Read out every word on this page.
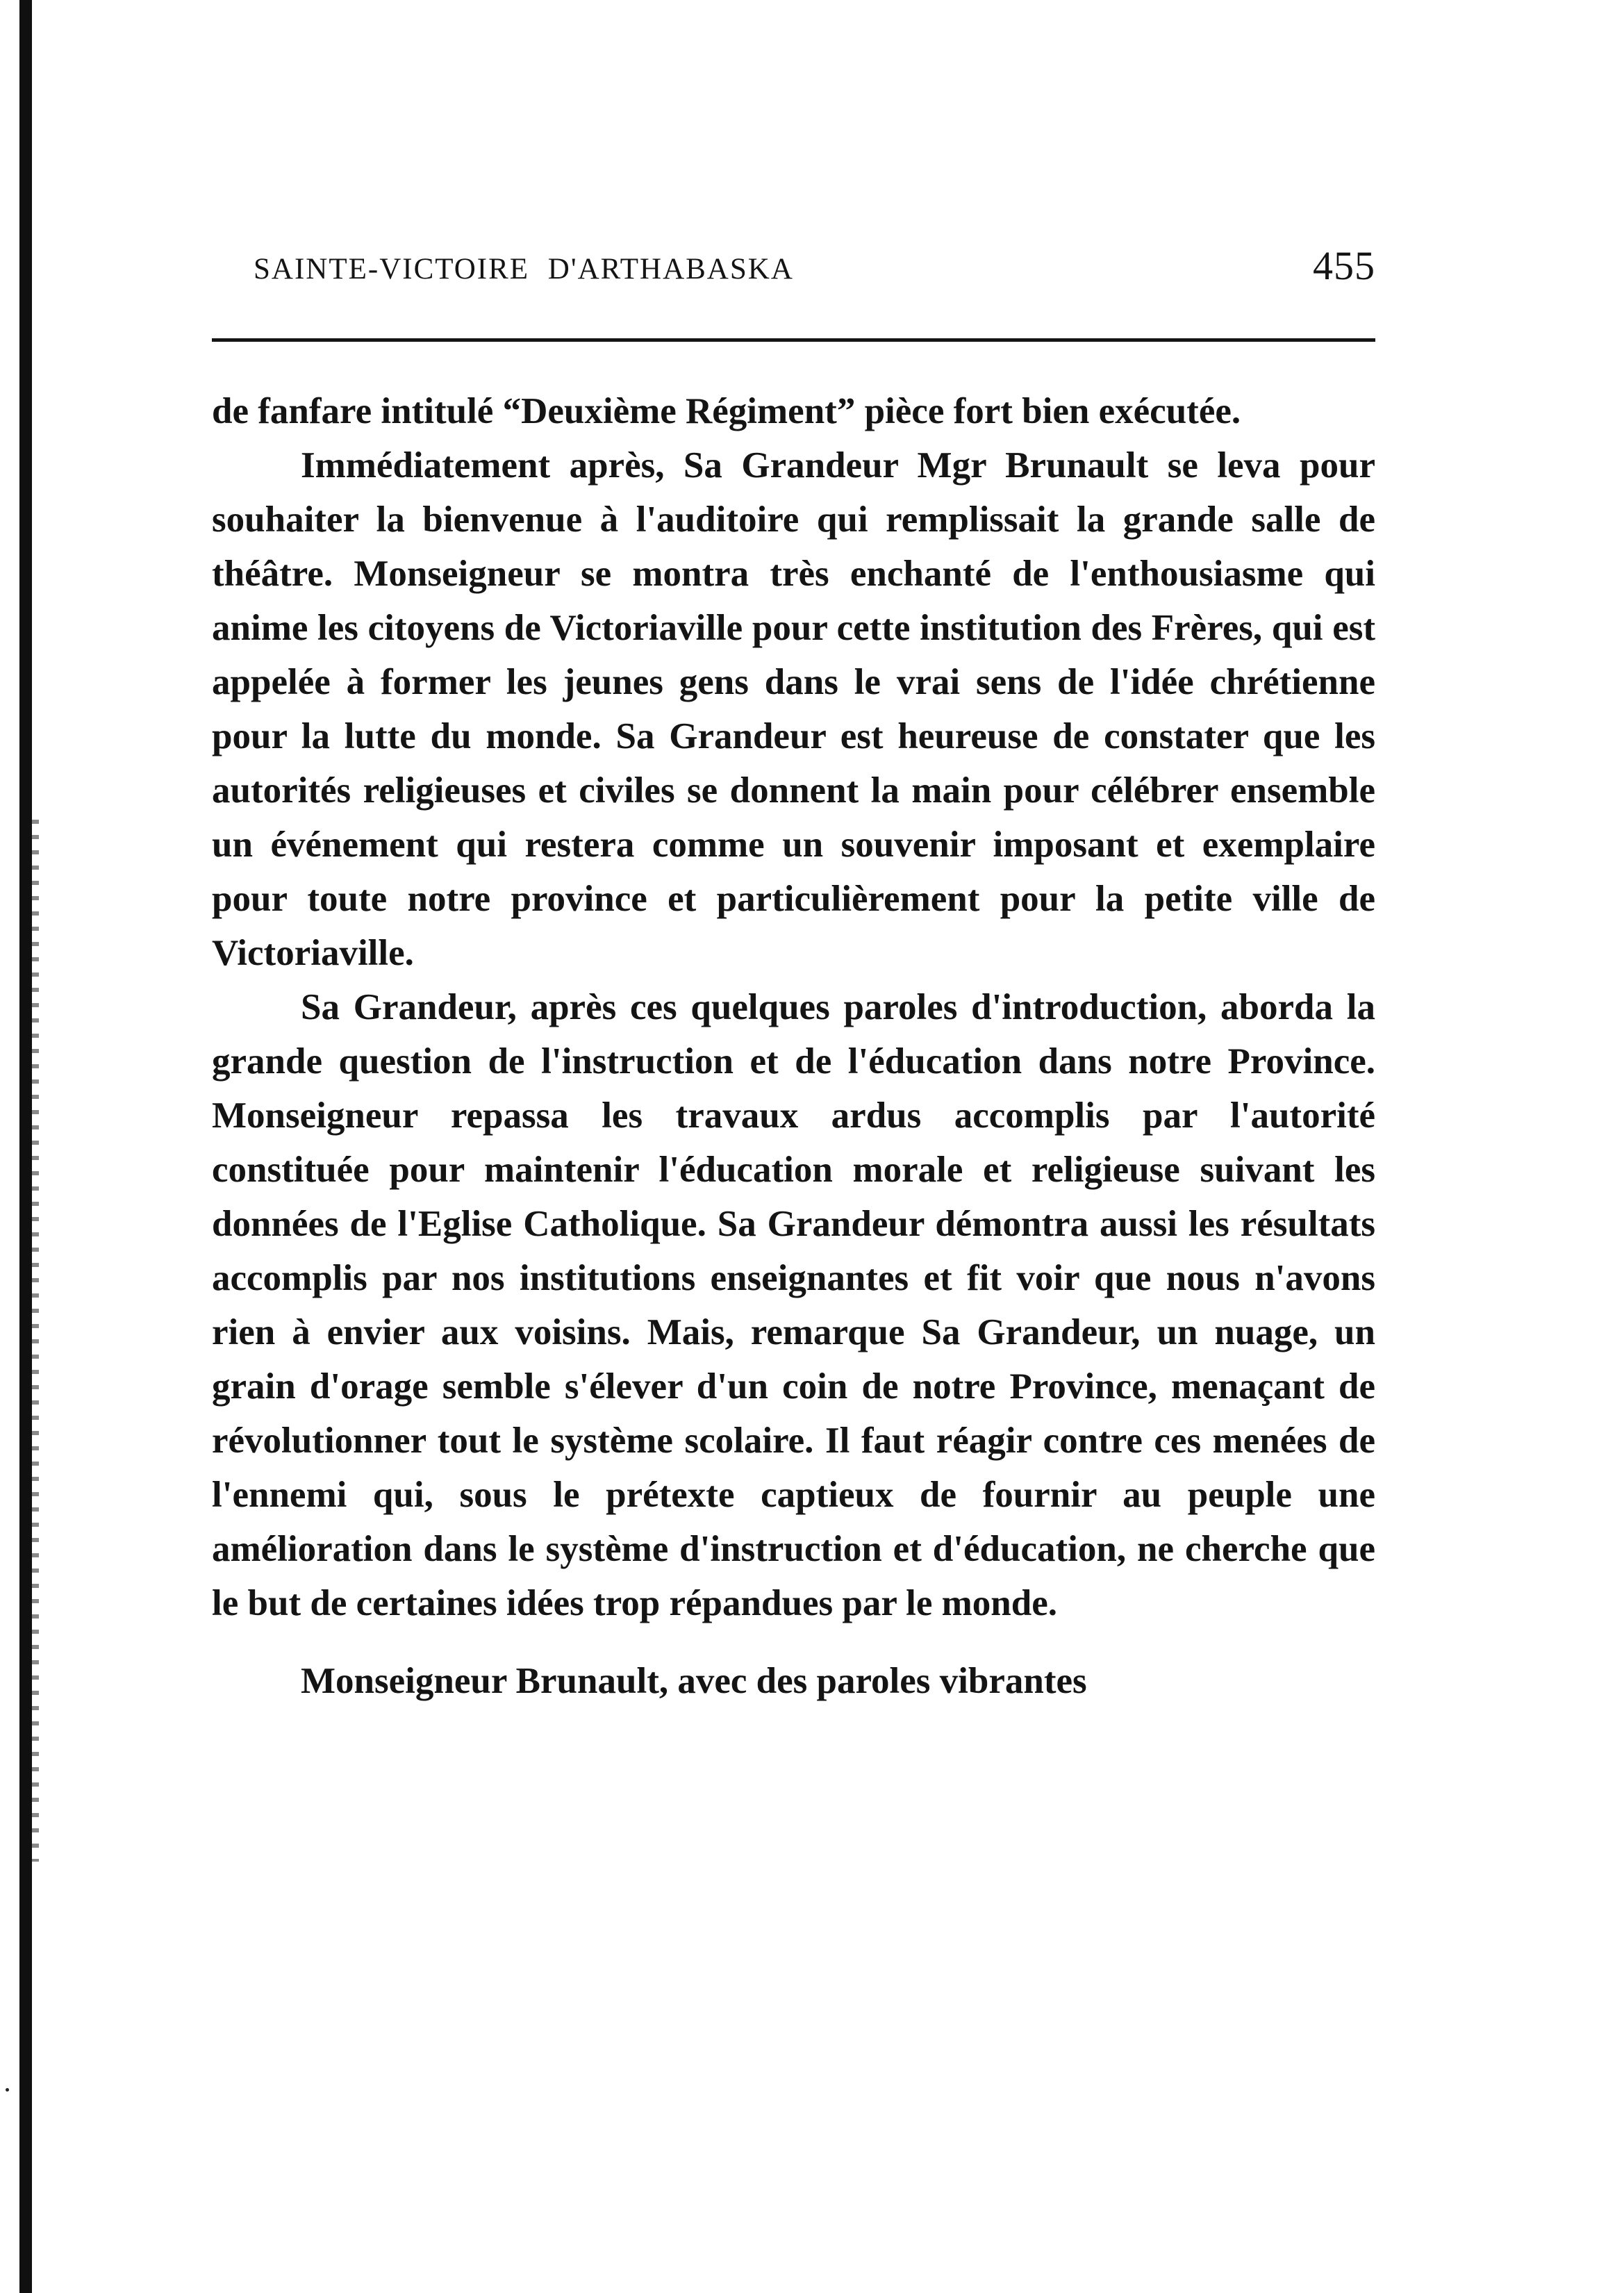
SAINTE-VICTOIRE D'ARTHABASKA	455

de fanfare intitulé “Deuxième Régiment” pièce fort bien exécutée.

Immédiatement après, Sa Grandeur Mgr Brunault se leva pour souhaiter la bienvenue à l'auditoire qui remplissait la grande salle de théâtre. Monseigneur se montra très enchanté de l'enthousiasme qui anime les citoyens de Victoriaville pour cette institution des Frères, qui est appelée à former les jeunes gens dans le vrai sens de l'idée chrétienne pour la lutte du monde. Sa Grandeur est heureuse de constater que les autorités religieuses et civiles se donnent la main pour célébrer ensemble un événement qui restera comme un souvenir imposant et exemplaire pour toute notre province et particulièrement pour la petite ville de Victoriaville.

Sa Grandeur, après ces quelques paroles d'introduction, aborda la grande question de l'instruction et de l'éducation dans notre Province. Monseigneur repassa les travaux ardus accomplis par l'autorité constituée pour maintenir l'éducation morale et religieuse suivant les données de l'Eglise Catholique. Sa Grandeur démontra aussi les résultats accomplis par nos institutions enseignantes et fit voir que nous n'avons rien à envier aux voisins. Mais, remarque Sa Grandeur, un nuage, un grain d'orage semble s'élever d'un coin de notre Province, menaçant de révolutionner tout le système scolaire. Il faut réagir contre ces menées de l'ennemi qui, sous le prétexte captieux de fournir au peuple une amélioration dans le système d'instruction et d'éducation, ne cherche que le but de certaines idées trop répandues par le monde.

Monseigneur Brunault, avec des paroles vibrantes
